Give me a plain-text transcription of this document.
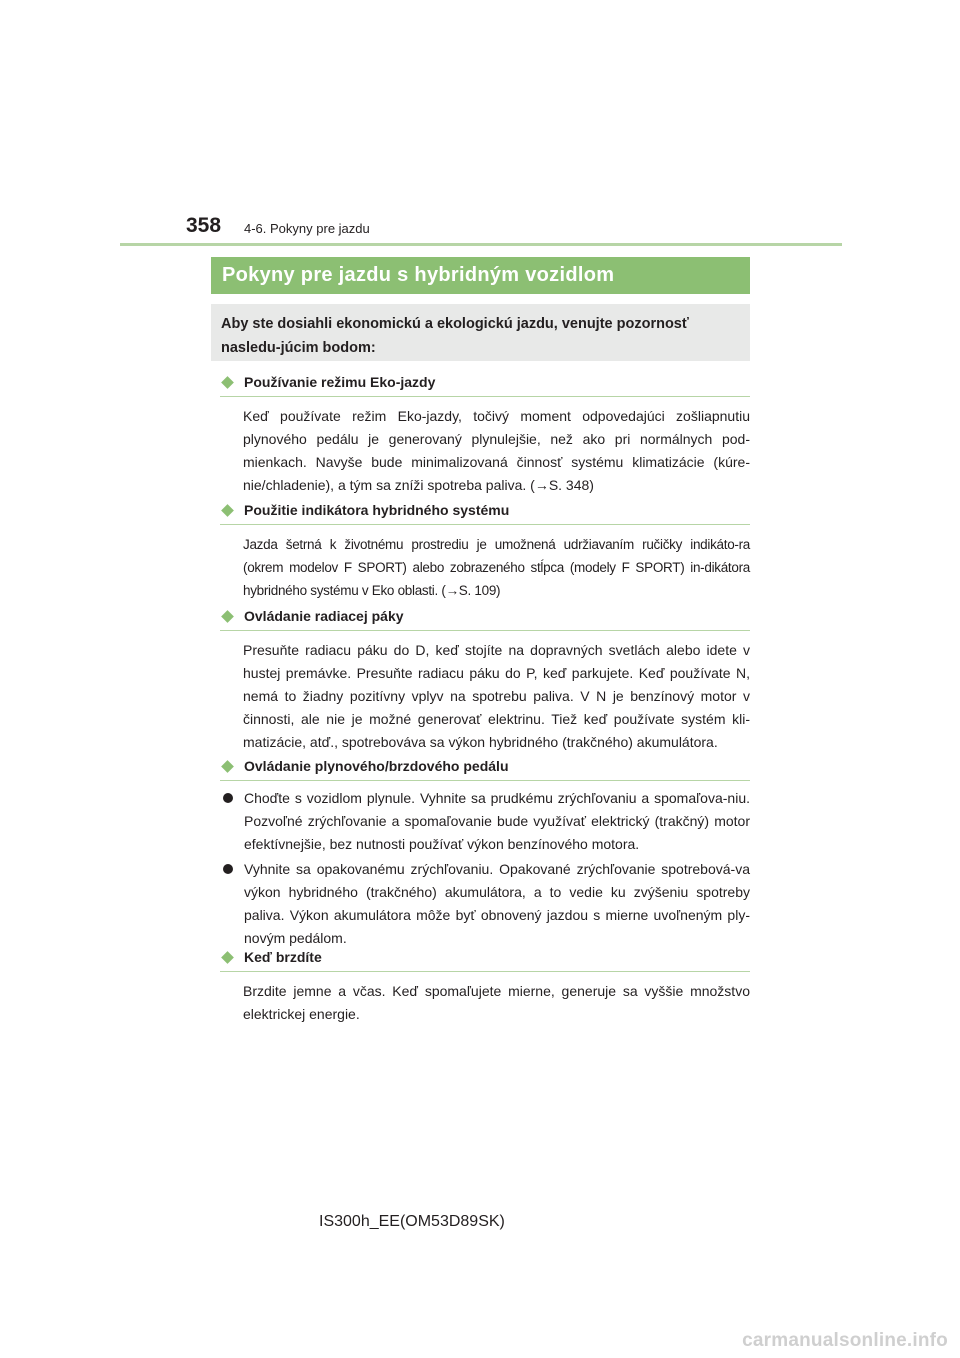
358 4-6. Pokyny pre jazdu
Pokyny pre jazdu s hybridným vozidlom
Aby ste dosiahli ekonomickú a ekologickú jazdu, venujte pozornosť nasledu-júcim bodom:
Používanie režimu Eko-jazdy
Keď používate režim Eko-jazdy, točivý moment odpovedajúci zošliapnutiu plynového pedálu je generovaný plynulejšie, než ako pri normálnych pod-mienkach. Navyše bude minimalizovaná činnosť systému klimatizácie (kúre-nie/chladenie), a tým sa zníži spotreba paliva. (→S. 348)
Použitie indikátora hybridného systému
Jazda šetrná k životnému prostrediu je umožnená udržiavaním ručičky indikáto-ra (okrem modelov F SPORT) alebo zobrazeného stĺpca (modely F SPORT) in-dikátora hybridného systému v Eko oblasti. (→S. 109)
Ovládanie radiacej páky
Presuňte radiacu páku do D, keď stojíte na dopravných svetlách alebo idete v hustej premávke. Presuňte radiacu páku do P, keď parkujete. Keď používate N, nemá to žiadny pozitívny vplyv na spotrebu paliva. V N je benzínový motor v činnosti, ale nie je možné generovať elektrinu. Tiež keď používate systém kli-matizácie, atď., spotrebováva sa výkon hybridného (trakčného) akumulátora.
Ovládanie plynového/brzdového pedálu
Choďte s vozidlom plynule. Vyhnite sa prudkému zrýchľovaniu a spomaľova-niu. Pozvoľné zrýchľovanie a spomaľovanie bude využívať elektrický (trakčný) motor efektívnejšie, bez nutnosti používať výkon benzínového motora.
Vyhnite sa opakovanému zrýchľovaniu. Opakované zrýchľovanie spotrebová-va výkon hybridného (trakčného) akumulátora, a to vedie ku zvýšeniu spotreby paliva. Výkon akumulátora môže byť obnovený jazdou s mierne uvoľneným ply-novým pedálom.
Keď brzdíte
Brzdite jemne a včas. Keď spomaľujete mierne, generuje sa vyššie množstvo elektrickej energie.
IS300h_EE(OM53D89SK)
carmanualsonline.info
